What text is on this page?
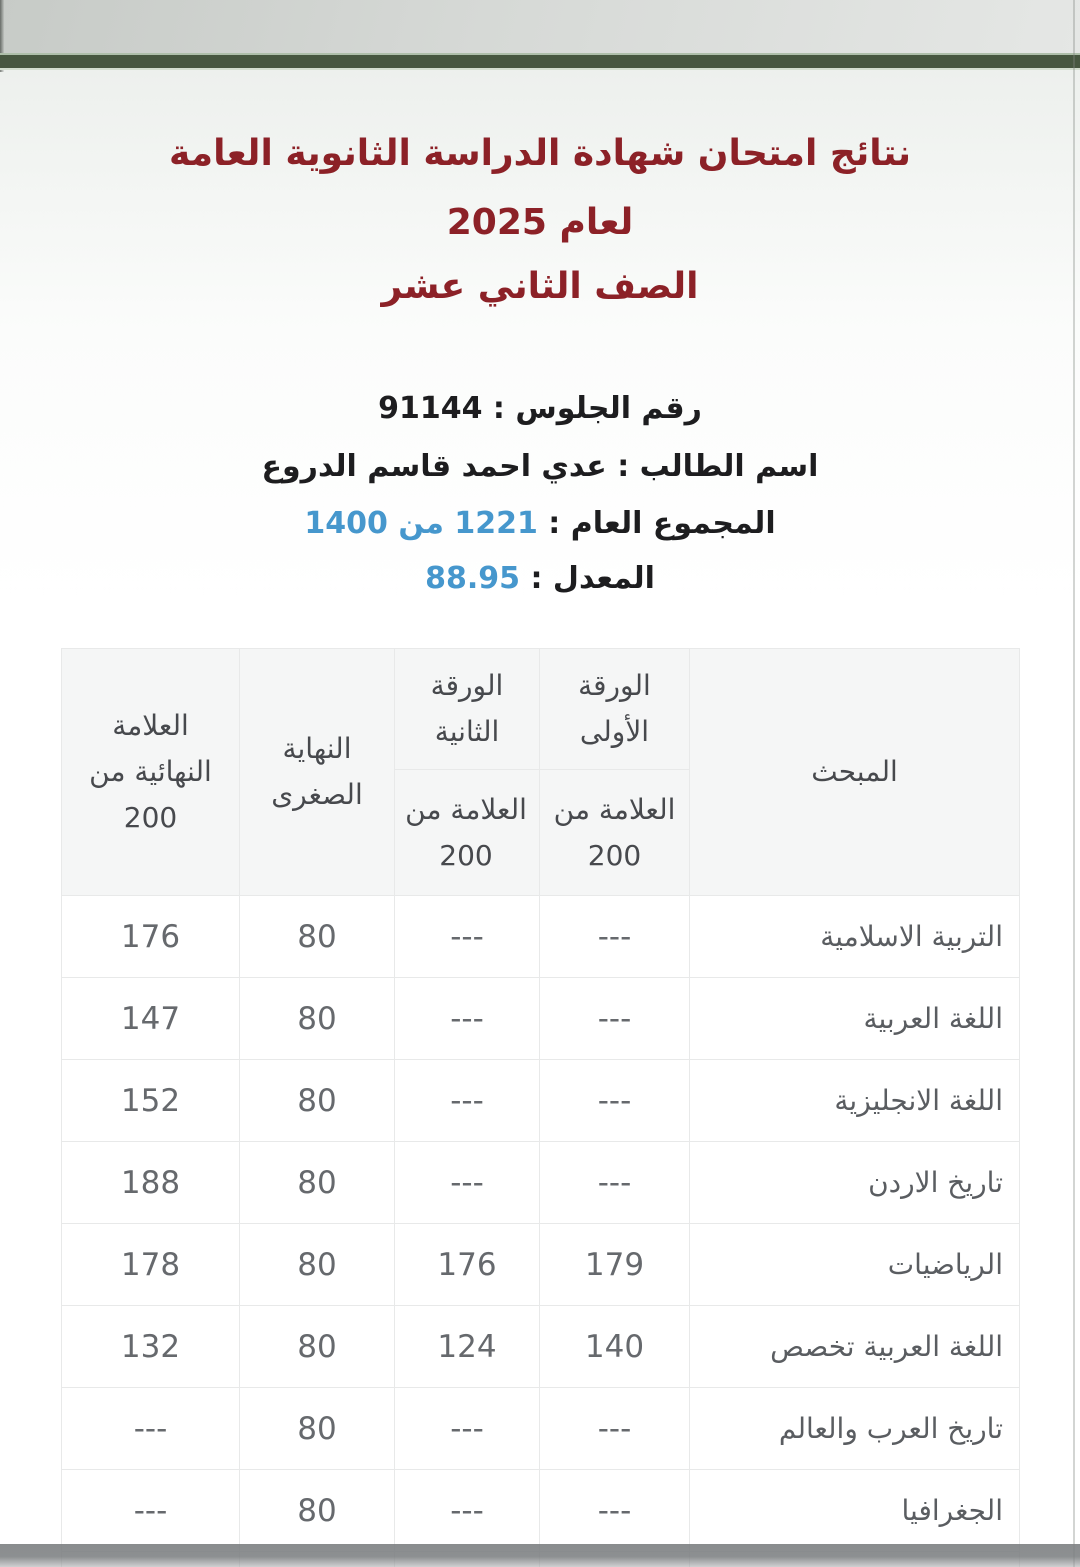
نتائج امتحان شهادة الدراسة الثانوية العامة
لعام 2025
الصف الثاني عشر
رقم الجلوس : 91144
اسم الطالب : عدي احمد قاسم الدروع
المجموع العام : 1221 من 1400
المعدل : 88.95
المبحث	الورقة الأولى	الورقة الثانية	النهاية الصغرى	العلامة النهائية من 200
	العلامة من 200	العلامة من 200		
التربية الاسلامية	---	---	80	176
اللغة العربية	---	---	80	147
اللغة الانجليزية	---	---	80	152
تاريخ الاردن	---	---	80	188
الرياضيات	179	176	80	178
اللغة العربية تخصص	140	124	80	132
تاريخ العرب والعالم	---	---	80	---
الجغرافيا	---	---	80	---
